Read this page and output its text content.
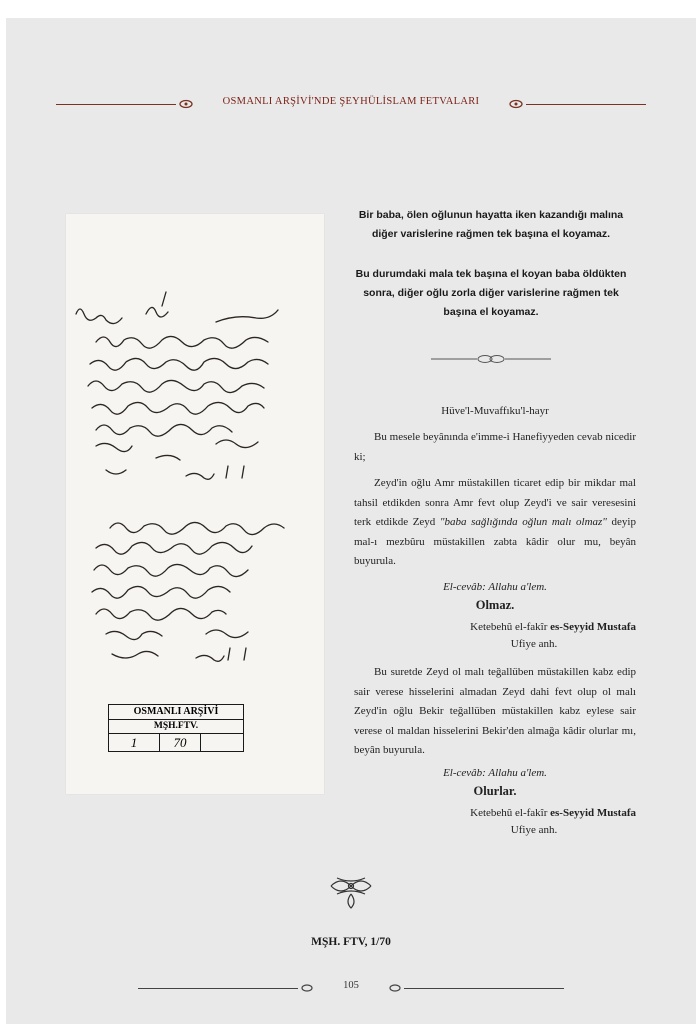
OSMANLI ARŞİVİ'NDE ŞEYHÜLİSLAM FETVALARI
OSMANLI ARŞİVİ
MŞH.FTV.
1	70
Bir baba, ölen oğlunun hayatta iken kazandığı malına diğer varislerine rağmen tek başına el koyamaz.
Bu durumdaki mala tek başına el koyan baba öldükten sonra, diğer oğlu zorla diğer varislerine rağmen tek başına el koyamaz.
Hüve'l-Muvaffıku'l-hayr
Bu mesele beyânında e'imme-i Hanefiyyeden cevab nicedir ki;
Zeyd'in oğlu Amr müstakillen ticaret edip bir mikdar mal tahsil etdikden sonra Amr fevt olup Zeyd'i ve sair veresesini terk etdikde Zeyd "baba sağlığında oğlun malı olmaz" deyip mal-ı mezbûru müstakillen zabta kâdir olur mu, beyân buyurula.
El-cevâb: Allahu a'lem.
Olmaz.
Ketebehû el-fakîr es-Seyyid Mustafa
Ufiye anh.
Bu suretde Zeyd ol malı teğallüben müstakillen kabz edip sair verese hisselerini almadan Zeyd dahi fevt olup ol malı Zeyd'in oğlu Bekir teğallüben müstakillen kabz eylese sair verese ol maldan hisselerini Bekir'den almağa kâdir olurlar mı, beyân buyurula.
El-cevâb: Allahu a'lem.
Olurlar.
Ketebehû el-fakîr es-Seyyid Mustafa
Ufiye anh.
MŞH. FTV, 1/70
105
